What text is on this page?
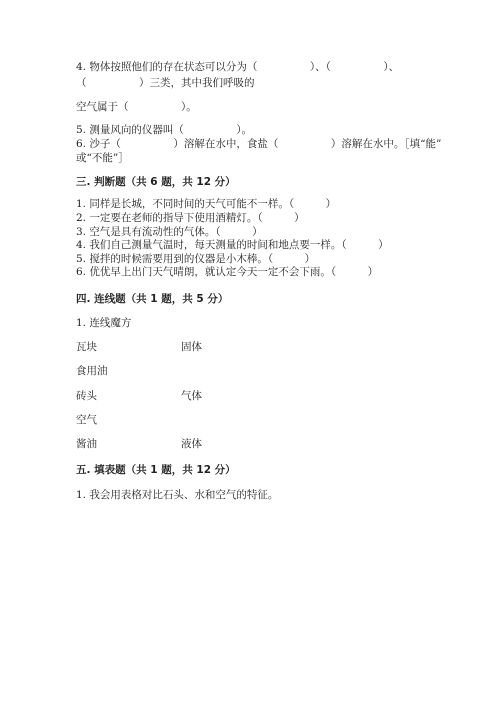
4. 物体按照他们的存在状态可以分为（　　　　　）、（　　　　　）、
（　　　　　）三类，其中我们呼吸的
空气属于（　　　　　）。
5. 测量风向的仪器叫（　　　　　）。
6. 沙子（　　　　　）溶解在水中，食盐（　　　　　）溶解在水中。［填“能”
或“不能”］
三. 判断题（共 6 题，共 12 分）
1. 同样是长城，不同时间的天气可能不一样。（　　　）
2. 一定要在老师的指导下使用酒精灯。（　　　）
3. 空气是具有流动性的气体。（　　　）
4. 我们自己测量气温时，每天测量的时间和地点要一样。（　　　）
5. 搅拌的时候需要用到的仪器是小木棒。（　　　）
6. 优优早上出门天气晴朗，就认定今天一定不会下雨。（　　　）
四. 连线题（共 1 题，共 5 分）
1. 连线魔方
瓦块	固体
食用油
砖头	气体
空气
酱油	液体
五. 填表题（共 1 题，共 12 分）
1. 我会用表格对比石头、水和空气的特征。
